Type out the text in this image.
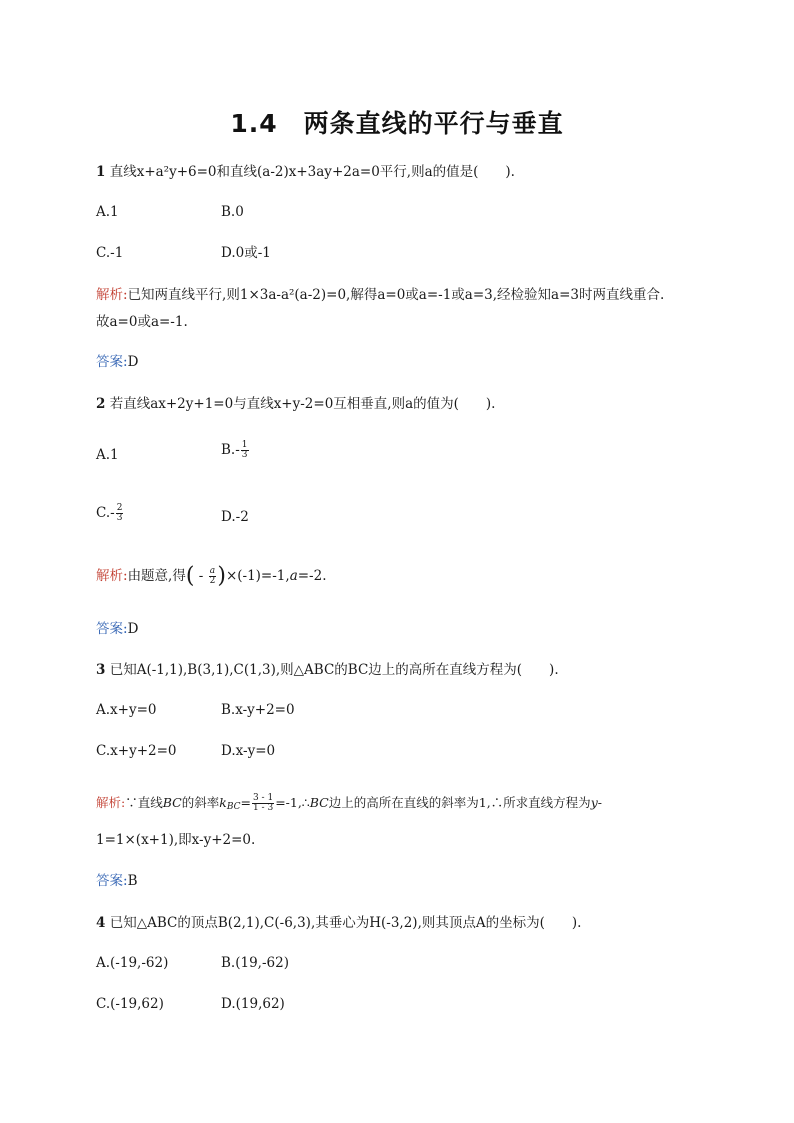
1.4　两条直线的平行与垂直
1 直线x+a²y+6=0和直线(a-2)x+3ay+2a=0平行,则a的值是(　　).
A.1	B.0
C.-1	D.0或-1
解析:已知两直线平行,则1×3a-a²(a-2)=0,解得a=0或a=-1或a=3,经检验知a=3时两直线重合.
故a=0或a=-1.
答案:D
2 若直线ax+2y+1=0与直线x+y-2=0互相垂直,则a的值为(　　).
A.1	$B.- \frac{1}{3}$
$C.- \frac{2}{3}$	D.-2
解析:由题意,得( - $\frac{a}{2} )\times(-1)=-1,a=-2$.
答案:D
3 已知A(-1,1),B(3,1),C(1,3),则△ABC的BC边上的高所在直线方程为(　　).
A.x+y=0	B.x-y+2=0
C.x+y+2=0	D.x-y=0
解析:∵直线BC的斜率$k_{BC}= \frac{3 - 1}{1 - 3}$ =-1,∴BC边上的高所在直线的斜率为1,∴所求直线方程为y-
1=1×(x+1),即x-y+2=0.
答案:B
4 已知△ABC的顶点B(2,1),C(-6,3),其垂心为H(-3,2),则其顶点A的坐标为(　　).
A.(-19,-62)	B.(19,-62)
C.(-19,62)	D.(19,62)
